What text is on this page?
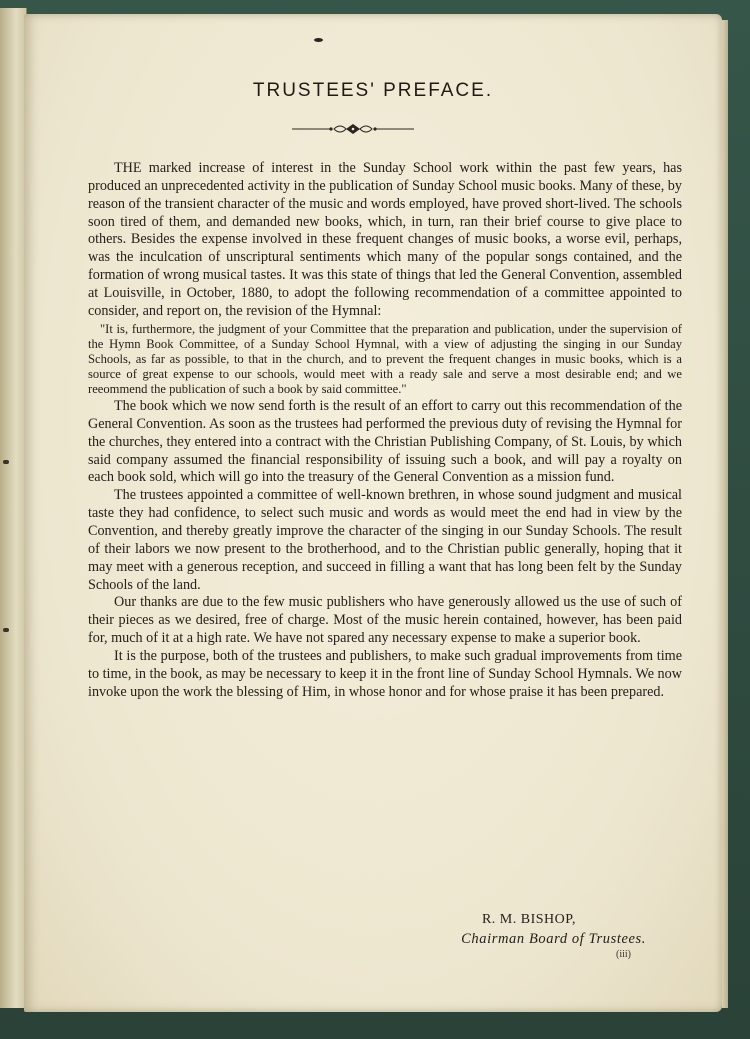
TRUSTEES' PREFACE.

THE marked increase of interest in the Sunday School work within the past few years, has produced an unprecedented activity in the publication of Sunday School music books. Many of these, by reason of the transient character of the music and words employed, have proved short-lived. The schools soon tired of them, and demanded new books, which, in turn, ran their brief course to give place to others. Besides the expense involved in these frequent changes of music books, a worse evil, perhaps, was the inculcation of unscriptural sentiments which many of the popular songs contained, and the formation of wrong musical tastes. It was this state of things that led the General Convention, assembled at Louisville, in October, 1880, to adopt the following recommendation of a committee appointed to consider, and report on, the revision of the Hymnal:

"It is, furthermore, the judgment of your Committee that the preparation and publication, under the supervision of the Hymn Book Committee, of a Sunday School Hymnal, with a view of adjusting the singing in our Sunday Schools, as far as possible, to that in the church, and to prevent the frequent changes in music books, which is a source of great expense to our schools, would meet with a ready sale and serve a most desirable end; and we reeommend the publication of such a book by said committee."

The book which we now send forth is the result of an effort to carry out this recommendation of the General Convention. As soon as the trustees had performed the previous duty of revising the Hymnal for the churches, they entered into a contract with the Christian Publishing Company, of St. Louis, by which said company assumed the financial responsibility of issuing such a book, and will pay a royalty on each book sold, which will go into the treasury of the General Convention as a mission fund.

The trustees appointed a committee of well-known brethren, in whose sound judgment and musical taste they had confidence, to select such music and words as would meet the end had in view by the Convention, and thereby greatly improve the character of the singing in our Sunday Schools. The result of their labors we now present to the brotherhood, and to the Christian public generally, hoping that it may meet with a generous reception, and succeed in filling a want that has long been felt by the Sunday Schools of the land.

Our thanks are due to the few music publishers who have generously allowed us the use of such of their pieces as we desired, free of charge. Most of the music herein contained, however, has been paid for, much of it at a high rate. We have not spared any necessary expense to make a superior book.

It is the purpose, both of the trustees and publishers, to make such gradual improvements from time to time, in the book, as may be necessary to keep it in the front line of Sunday School Hymnals. We now invoke upon the work the blessing of Him, in whose honor and for whose praise it has been prepared.

R. M. BISHOP,
Chairman Board of Trustees.
(iii)
